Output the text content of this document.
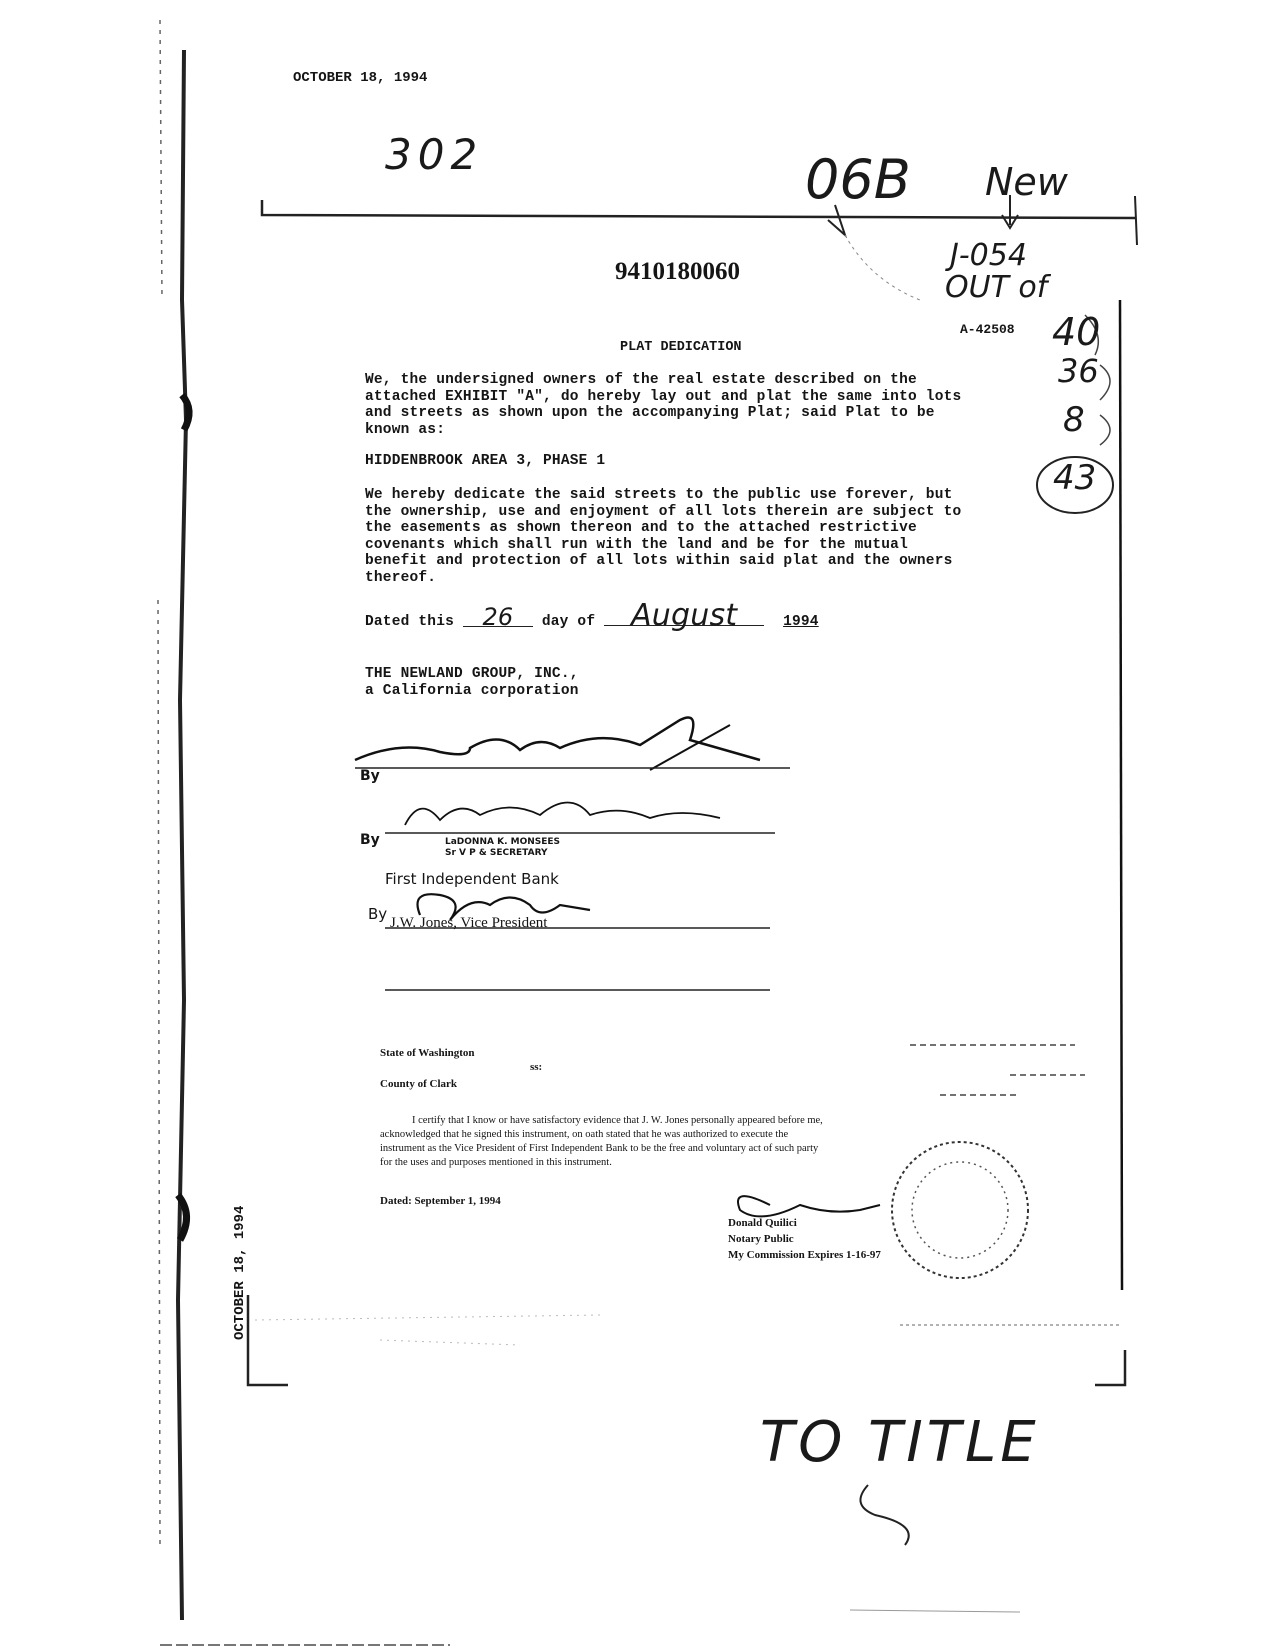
OCTOBER 18, 1994
302	06B New
J-054
OUT of
40
36
8
43
TO TITLE
9410180060
A-42508
PLAT DEDICATION
We, the undersigned owners of the real estate described on the
attached EXHIBIT "A", do hereby lay out and plat the same into lots
and streets as shown upon the accompanying Plat; said Plat to be
known as:
HIDDENBROOK AREA 3, PHASE 1
We hereby dedicate the said streets to the public use forever, but
the ownership, use and enjoyment of all lots therein are subject to
the easements as shown thereon and to the attached restrictive
covenants which shall run with the land and be for the mutual
benefit and protection of all lots within said plat and the owners
thereof.
Dated this 26 day of August	1994
THE NEWLAND GROUP, INC.,
a California corporation
By
By	LaDONNA K. MONSEES
Sr V P & SECRETARY
First Independent Bank
By J.W. Jones, Vice President
State of Washington
ss:
County of Clark
I certify that I know or have satisfactory evidence that J. W. Jones personally appeared before me,
acknowledged that he signed this instrument, on oath stated that he was authorized to execute the
instrument as the Vice President of First Independent Bank to be the free and voluntary act of such party
for the uses and purposes mentioned in this instrument.
Dated: September 1, 1994
Donald Quilici
Notary Public
My Commission Expires 1-16-97
OCTOBER 18, 1994
